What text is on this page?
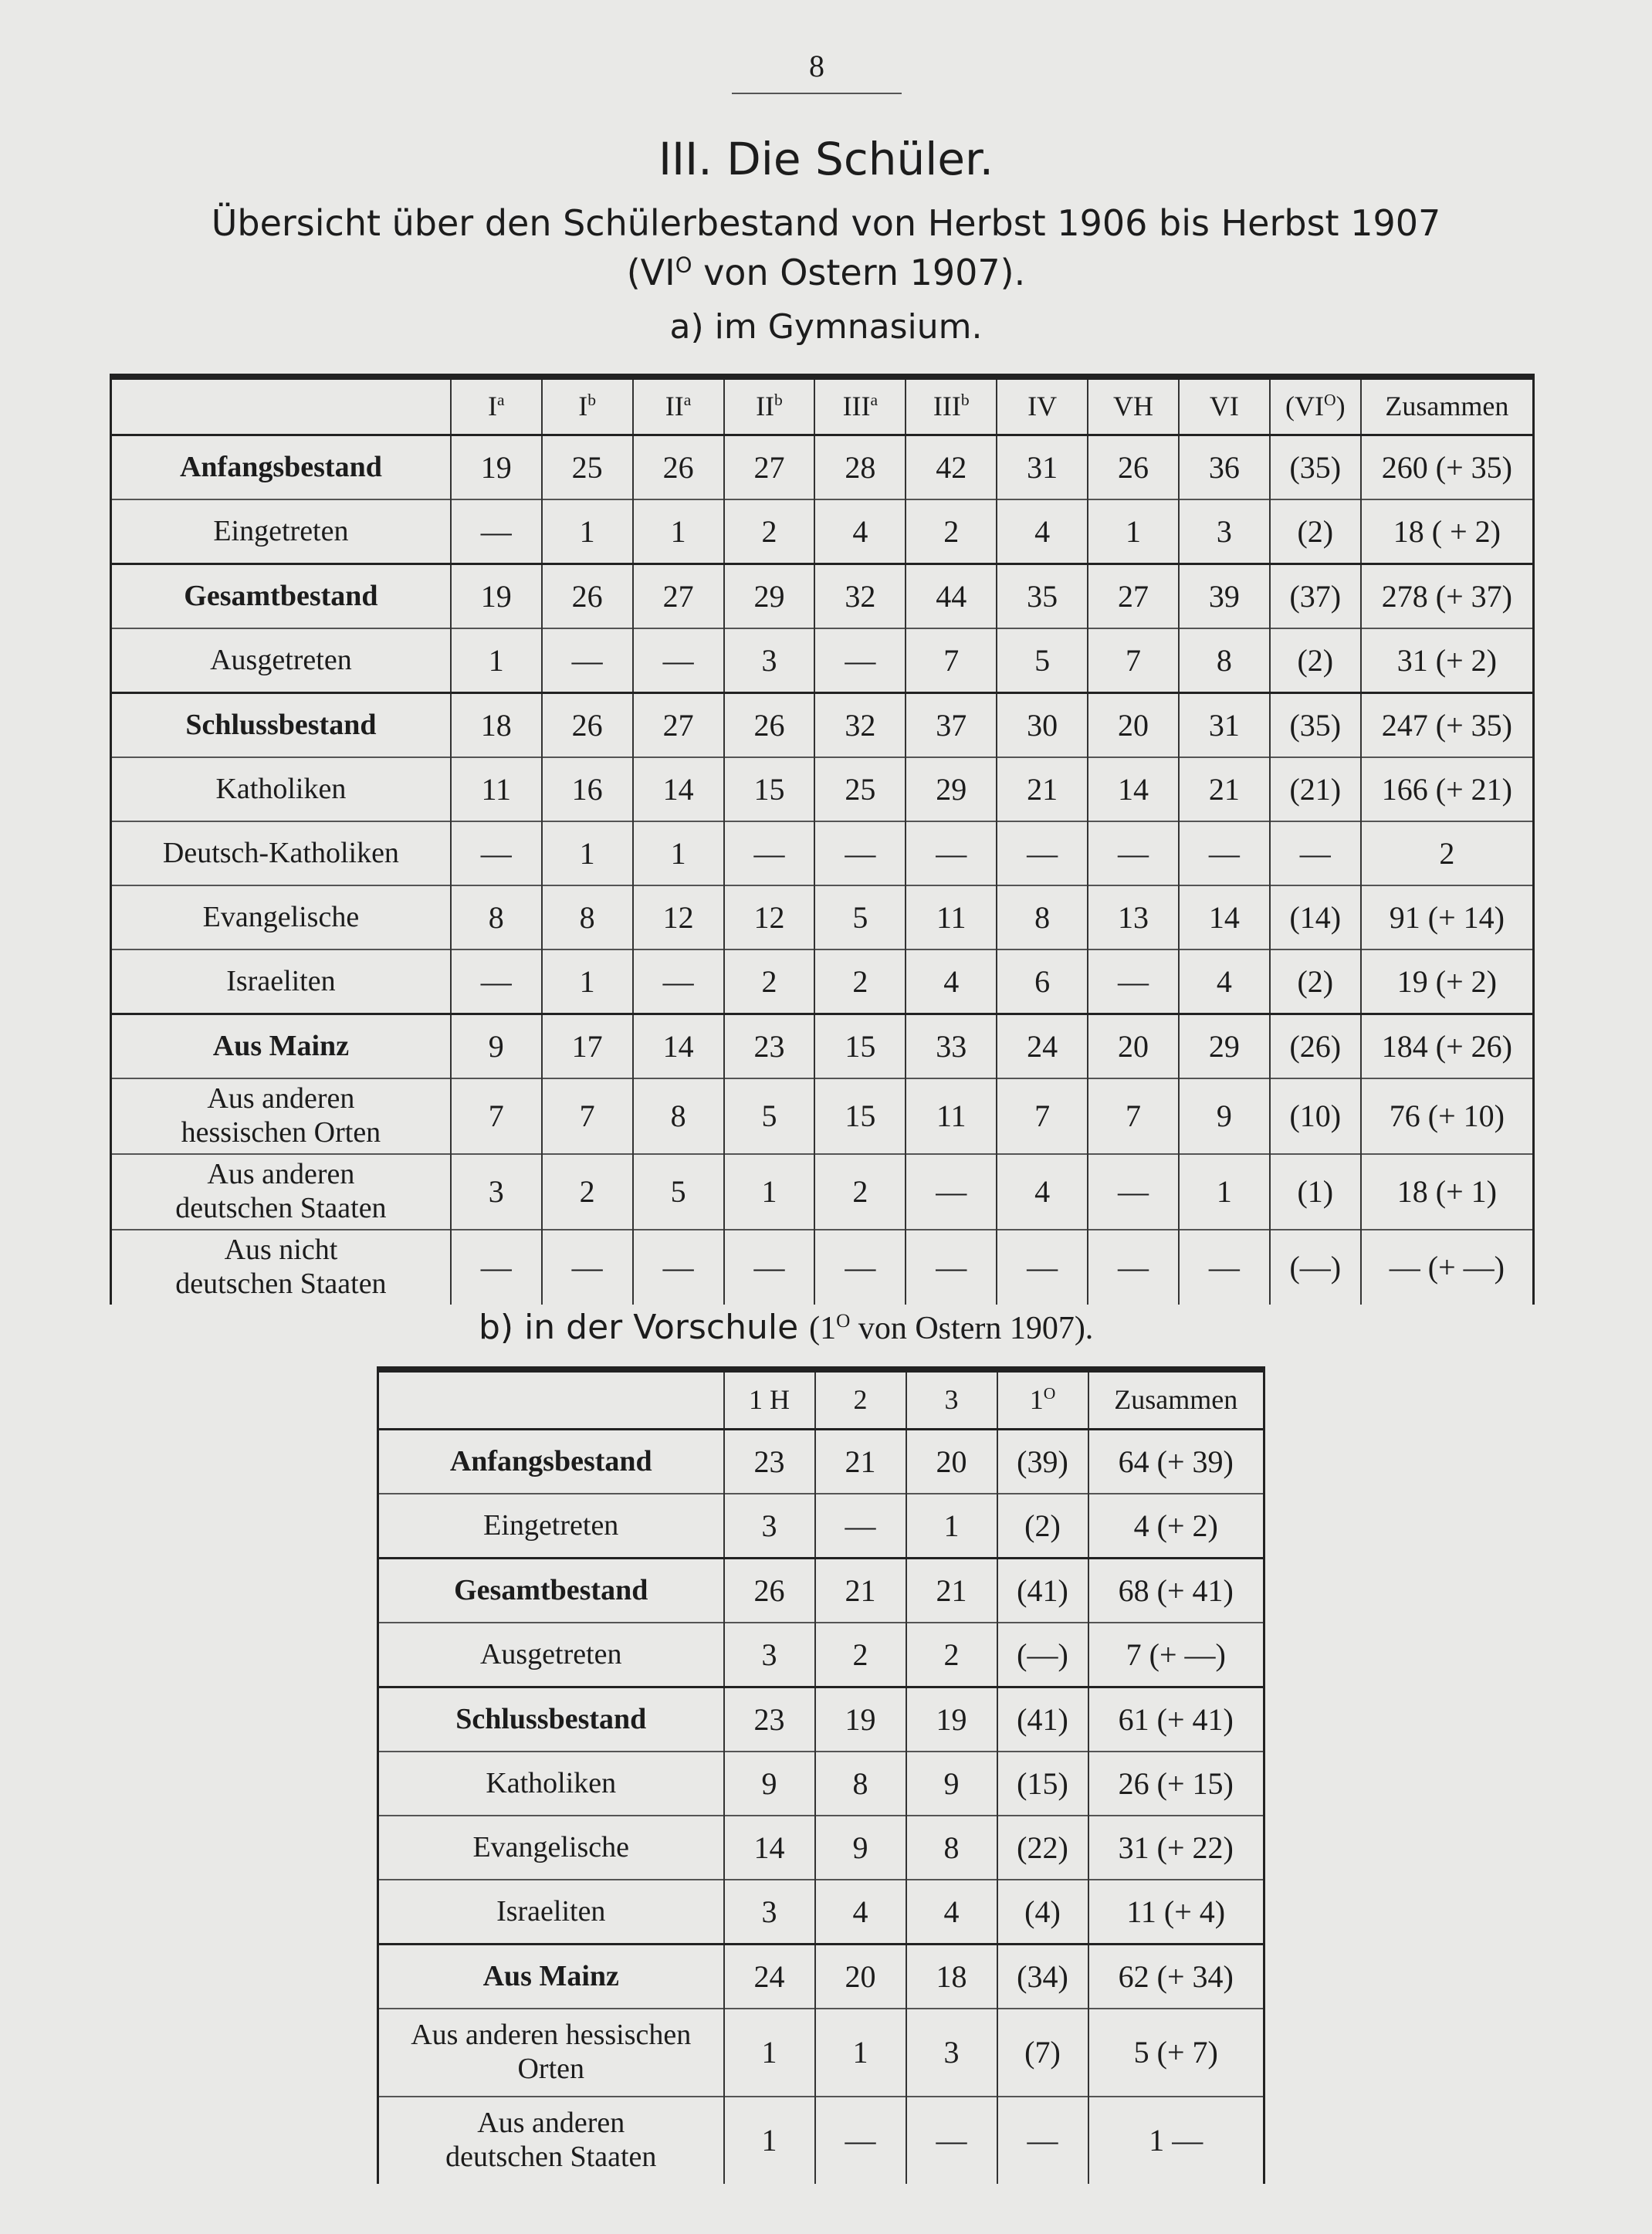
8
III. Die Schüler.
Übersicht über den Schülerbestand von Herbst 1906 bis Herbst 1907
($VI^O$ von Ostern 1907).
a) im Gymnasium.
	$I^a$	$I^b$	$II^a$	$II^b$	III$^a$	III$^b$	IV	VH	VI	$(VI^O)$	Zusammen
Anfangsbestand	19	25	26	27	28	42	31	26	36	(35)	260 (+ 35)
Eingetreten	—	1	1	2	4	2	4	1	3	(2)	18 ( + 2)
Gesamtbestand	19	26	27	29	32	44	35	27	39	(37)	278 (+ 37)
Ausgetreten	1	—	—	3	—	7	5	7	8	(2)	31 (+ 2)
Schlussbestand	18	26	27	26	32	37	30	20	31	(35)	247 (+ 35)
Katholiken	11	16	14	15	25	29	21	14	21	(21)	166 (+ 21)
Deutsch-Katholiken	—	1	1	—	—	—	—	—	—	—	2
Evangelische	8	8	12	12	5	11	8	13	14	(14)	91 (+ 14)
Israeliten	—	1	—	2	2	4	6	—	4	(2)	19 (+ 2)
Aus Mainz	9	17	14	23	15	33	24	20	29	(26)	184 (+ 26)

Aus anderen
hessischen Orten	7	7	8	5	15	11	7	7	9	(10)	76 (+ 10)

Aus anderen
deutschen Staaten	3	2	5	1	2	—	4	—	1	(1)	18 (+ 1)

Aus nicht
deutschen Staaten	—	—	—	—	—	—	—	—	—	(—)	— (+ —)
b) in der Vorschule ($1^O$ von Ostern 1907).
	1 H	2	3	$1^O$	Zusammen
Anfangsbestand	23	21	20	(39)	64 (+ 39)
Eingetreten	3	—	1	(2)	4 (+ 2)
Gesamtbestand	26	21	21	(41)	68 (+ 41)
Ausgetreten	3	2	2	(—)	7 (+ —)
Schlussbestand	23	19	19	(41)	61 (+ 41)
Katholiken	9	8	9	(15)	26 (+ 15)
Evangelische	14	9	8	(22)	31 (+ 22)
Israeliten	3	4	4	(4)	11 (+ 4)
Aus Mainz	24	20	18	(34)	62 (+ 34)

Aus anderen hessischen
Orten	1	1	3	(7)	5 (+ 7)

Aus anderen
deutschen Staaten	1	—	—	—	1 —
